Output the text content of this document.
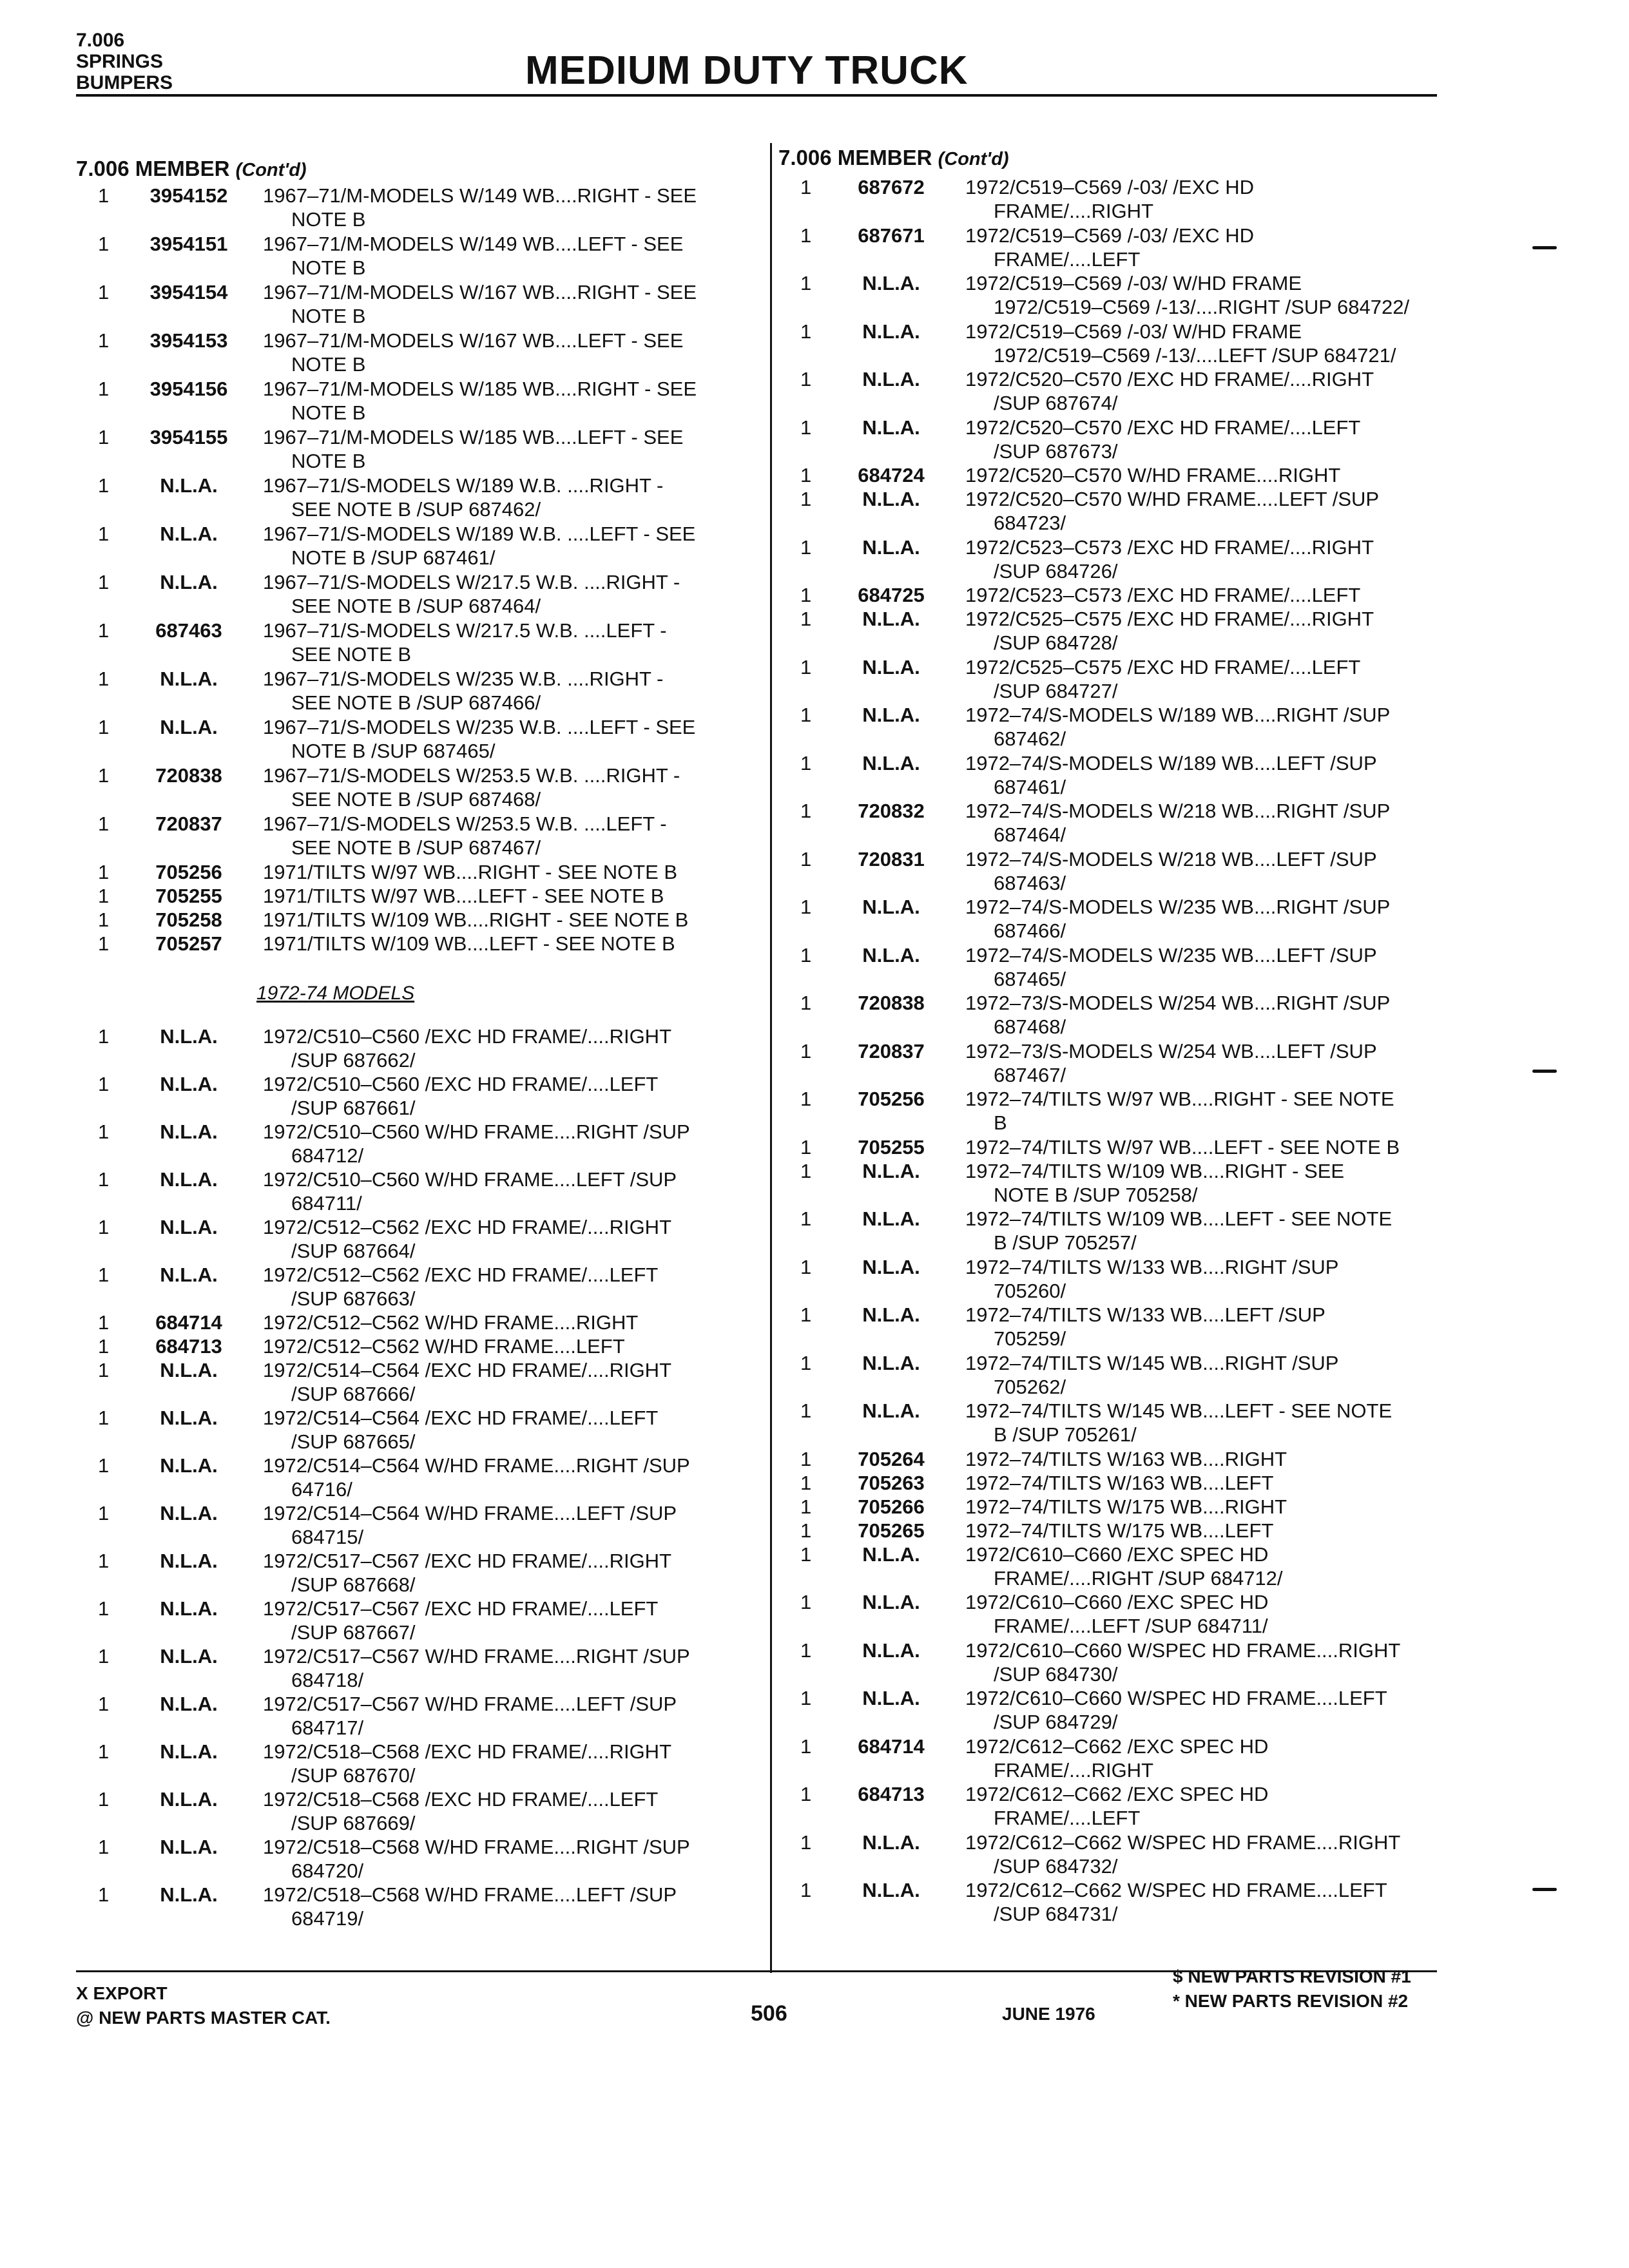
7.006
SPRINGS
BUMPERS	MEDIUM DUTY TRUCK
7.006 MEMBER (Cont'd)
1972-74 MODELS
1	3954152	1967–71/M-MODELS W/149 WB....RIGHT - SEE
NOTE B
1	3954151	1967–71/M-MODELS W/149 WB....LEFT - SEE
NOTE B
1	3954154	1967–71/M-MODELS W/167 WB....RIGHT - SEE
NOTE B
1	3954153	1967–71/M-MODELS W/167 WB....LEFT - SEE
NOTE B
1	3954156	1967–71/M-MODELS W/185 WB....RIGHT - SEE
NOTE B
1	3954155	1967–71/M-MODELS W/185 WB....LEFT - SEE
NOTE B
1	N.L.A.	1967–71/S-MODELS W/189 W.B. ....RIGHT -
SEE NOTE B /SUP 687462/
1	N.L.A.	1967–71/S-MODELS W/189 W.B. ....LEFT - SEE
NOTE B /SUP 687461/
1	N.L.A.	1967–71/S-MODELS W/217.5 W.B. ....RIGHT -
SEE NOTE B /SUP 687464/
1	687463	1967–71/S-MODELS W/217.5 W.B. ....LEFT -
SEE NOTE B
1	N.L.A.	1967–71/S-MODELS W/235 W.B. ....RIGHT -
SEE NOTE B /SUP 687466/
1	N.L.A.	1967–71/S-MODELS W/235 W.B. ....LEFT - SEE
NOTE B /SUP 687465/
1	720838	1967–71/S-MODELS W/253.5 W.B. ....RIGHT -
SEE NOTE B /SUP 687468/
1	720837	1967–71/S-MODELS W/253.5 W.B. ....LEFT -
SEE NOTE B /SUP 687467/
1	705256	1971/TILTS W/97 WB....RIGHT - SEE NOTE B
1	705255	1971/TILTS W/97 WB....LEFT - SEE NOTE B
1	705258	1971/TILTS W/109 WB....RIGHT - SEE NOTE B
1	705257	1971/TILTS W/109 WB....LEFT - SEE NOTE B
1	N.L.A.	1972/C510–C560 /EXC HD FRAME/....RIGHT
/SUP 687662/
1	N.L.A.	1972/C510–C560 /EXC HD FRAME/....LEFT
/SUP 687661/
1	N.L.A.	1972/C510–C560 W/HD FRAME....RIGHT /SUP
684712/
1	N.L.A.	1972/C510–C560 W/HD FRAME....LEFT /SUP
684711/
1	N.L.A.	1972/C512–C562 /EXC HD FRAME/....RIGHT
/SUP 687664/
1	N.L.A.	1972/C512–C562 /EXC HD FRAME/....LEFT
/SUP 687663/
1	684714	1972/C512–C562 W/HD FRAME....RIGHT
1	684713	1972/C512–C562 W/HD FRAME....LEFT
1	N.L.A.	1972/C514–C564 /EXC HD FRAME/....RIGHT
/SUP 687666/
1	N.L.A.	1972/C514–C564 /EXC HD FRAME/....LEFT
/SUP 687665/
1	N.L.A.	1972/C514–C564 W/HD FRAME....RIGHT /SUP
64716/
1	N.L.A.	1972/C514–C564 W/HD FRAME....LEFT /SUP
684715/
1	N.L.A.	1972/C517–C567 /EXC HD FRAME/....RIGHT
/SUP 687668/
1	N.L.A.	1972/C517–C567 /EXC HD FRAME/....LEFT
/SUP 687667/
1	N.L.A.	1972/C517–C567 W/HD FRAME....RIGHT /SUP
684718/
1	N.L.A.	1972/C517–C567 W/HD FRAME....LEFT /SUP
684717/
1	N.L.A.	1972/C518–C568 /EXC HD FRAME/....RIGHT
/SUP 687670/
1	N.L.A.	1972/C518–C568 /EXC HD FRAME/....LEFT
/SUP 687669/
1	N.L.A.	1972/C518–C568 W/HD FRAME....RIGHT /SUP
684720/
1	N.L.A.	1972/C518–C568 W/HD FRAME....LEFT /SUP
684719/
7.006 MEMBER (Cont'd)
1	687672	1972/C519–C569 /-03/ /EXC HD
FRAME/....RIGHT
1	687671	1972/C519–C569 /-03/ /EXC HD
FRAME/....LEFT
1	N.L.A.	1972/C519–C569 /-03/ W/HD FRAME
1972/C519–C569 /-13/....RIGHT /SUP 684722/
1	N.L.A.	1972/C519–C569 /-03/ W/HD FRAME
1972/C519–C569 /-13/....LEFT /SUP 684721/
1	N.L.A.	1972/C520–C570 /EXC HD FRAME/....RIGHT
/SUP 687674/
1	N.L.A.	1972/C520–C570 /EXC HD FRAME/....LEFT
/SUP 687673/
1	684724	1972/C520–C570 W/HD FRAME....RIGHT
1	N.L.A.	1972/C520–C570 W/HD FRAME....LEFT /SUP
684723/
1	N.L.A.	1972/C523–C573 /EXC HD FRAME/....RIGHT
/SUP 684726/
1	684725	1972/C523–C573 /EXC HD FRAME/....LEFT
1	N.L.A.	1972/C525–C575 /EXC HD FRAME/....RIGHT
/SUP 684728/
1	N.L.A.	1972/C525–C575 /EXC HD FRAME/....LEFT
/SUP 684727/
1	N.L.A.	1972–74/S-MODELS W/189 WB....RIGHT /SUP
687462/
1	N.L.A.	1972–74/S-MODELS W/189 WB....LEFT /SUP
687461/
1	720832	1972–74/S-MODELS W/218 WB....RIGHT /SUP
687464/
1	720831	1972–74/S-MODELS W/218 WB....LEFT /SUP
687463/
1	N.L.A.	1972–74/S-MODELS W/235 WB....RIGHT /SUP
687466/
1	N.L.A.	1972–74/S-MODELS W/235 WB....LEFT /SUP
687465/
1	720838	1972–73/S-MODELS W/254 WB....RIGHT /SUP
687468/
1	720837	1972–73/S-MODELS W/254 WB....LEFT /SUP
687467/
1	705256	1972–74/TILTS W/97 WB....RIGHT - SEE NOTE
B
1	705255	1972–74/TILTS W/97 WB....LEFT - SEE NOTE B
1	N.L.A.	1972–74/TILTS W/109 WB....RIGHT - SEE
NOTE B /SUP 705258/
1	N.L.A.	1972–74/TILTS W/109 WB....LEFT - SEE NOTE
B /SUP 705257/
1	N.L.A.	1972–74/TILTS W/133 WB....RIGHT /SUP
705260/
1	N.L.A.	1972–74/TILTS W/133 WB....LEFT /SUP
705259/
1	N.L.A.	1972–74/TILTS W/145 WB....RIGHT /SUP
705262/
1	N.L.A.	1972–74/TILTS W/145 WB....LEFT - SEE NOTE
B /SUP 705261/
1	705264	1972–74/TILTS W/163 WB....RIGHT
1	705263	1972–74/TILTS W/163 WB....LEFT
1	705266	1972–74/TILTS W/175 WB....RIGHT
1	705265	1972–74/TILTS W/175 WB....LEFT
1	N.L.A.	1972/C610–C660 /EXC SPEC HD
FRAME/....RIGHT /SUP 684712/
1	N.L.A.	1972/C610–C660 /EXC SPEC HD
FRAME/....LEFT /SUP 684711/
1	N.L.A.	1972/C610–C660 W/SPEC HD FRAME....RIGHT
/SUP 684730/
1	N.L.A.	1972/C610–C660 W/SPEC HD FRAME....LEFT
/SUP 684729/
1	684714	1972/C612–C662 /EXC SPEC HD
FRAME/....RIGHT
1	684713	1972/C612–C662 /EXC SPEC HD
FRAME/....LEFT
1	N.L.A.	1972/C612–C662 W/SPEC HD FRAME....RIGHT
/SUP 684732/
1	N.L.A.	1972/C612–C662 W/SPEC HD FRAME....LEFT
/SUP 684731/
X EXPORT
@ NEW PARTS MASTER CAT.	506	JUNE 1976
$ NEW PARTS REVISION #1
* NEW PARTS REVISION #2
